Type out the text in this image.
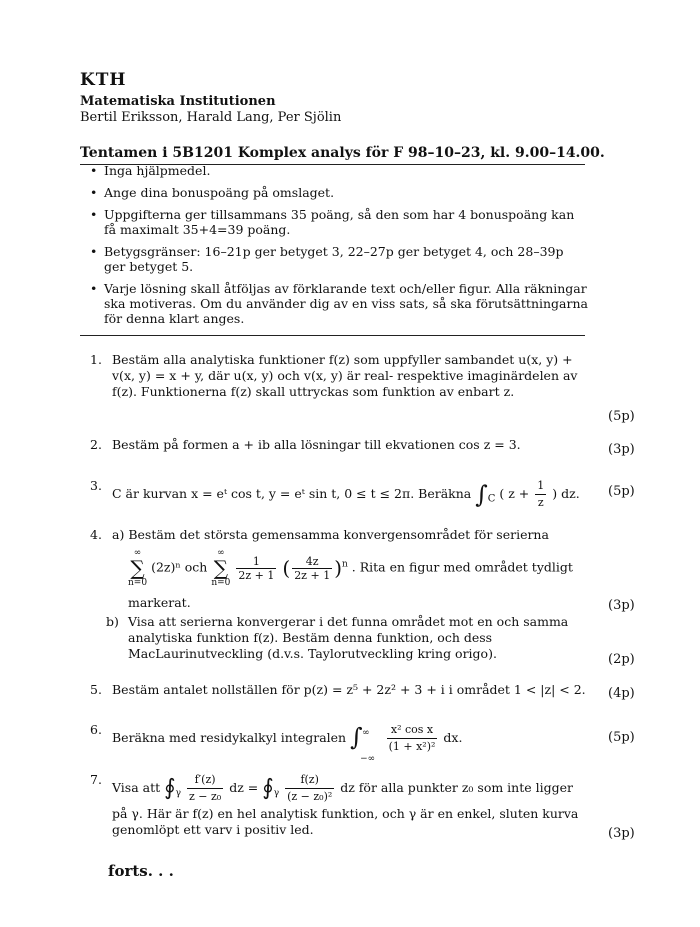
KTH
Matematiska Institutionen
Bertil Eriksson, Harald Lang, Per Sjölin
Tentamen i 5B1201 Komplex analys för F 98–10–23, kl. 9.00–14.00.
• Inga hjälpmedel.
• Ange dina bonuspoäng på omslaget.
• Uppgifterna ger tillsammans 35 poäng, så den som har 4 bonuspoäng kan få maximalt 35+4=39 poäng.
• Betygsgränser: 16–21p ger betyget 3, 22–27p ger betyget 4, och 28–39p ger betyget 5.
• Varje lösning skall åtföljas av förklarande text och/eller figur. Alla räkningar ska motiveras. Om du använder dig av en viss sats, så ska förutsättningarna för denna klart anges.
1. Bestäm alla analytiska funktioner f(z) som uppfyller sambandet u(x, y) + v(x, y) = x + y, där u(x, y) och v(x, y) är real- respektive imaginärdelen av f(z). Funktionerna f(z) skall uttryckas som funktion av enbart z.
(5p)
2. Bestäm på formen a + ib alla lösningar till ekvationen cos z = 3.	(3p)
3.
C är kurvan x = eᵗ cos t, y = eᵗ sin t, 0 ≤ t ≤ 2π. Beräkna $\int_C$ ( $z + \frac{1}{z}$ ) dz.	(5p)
4. a) Bestäm det största gemensamma konvergensområdet för serierna
∞
∑
n=0
(2z)ⁿ och
∞
∑
n=0

$\frac{1}{2z + 1}$ ( $\frac{4z}{2z + 1} )^n$ . Rita en figur med området tydligt
markerat.	(3p)
b) Visa att serierna konvergerar i det funna området mot en och samma analytiska funktion f(z). Bestäm denna funktion, och dess MacLaurinutveckling (d.v.s. Taylorutveckling kring origo).	(2p)
5. Bestäm antalet nollställen för p(z) = z⁵ + 2z² + 3 + i i området 1 < |z| < 2.	(4p)
6.
Beräkna med residykalkyl integralen ∫ ∞
−∞

$\frac{\text{x² cos x}}{\text{(1 + x²)²}}$ dx.	(5p)
7.
Visa att $∮_\gamma \frac{f'(z)}{\text{z − z₀}}$ dz = $∮_\gamma \frac{f(z)}{\text{(z − z₀)²}}$ dz för alla punkter z₀ som inte ligger
på γ. Här är f(z) en hel analytisk funktion, och γ är en enkel, sluten kurva genomlöpt ett varv i positiv led.	(3p)
forts. . .
